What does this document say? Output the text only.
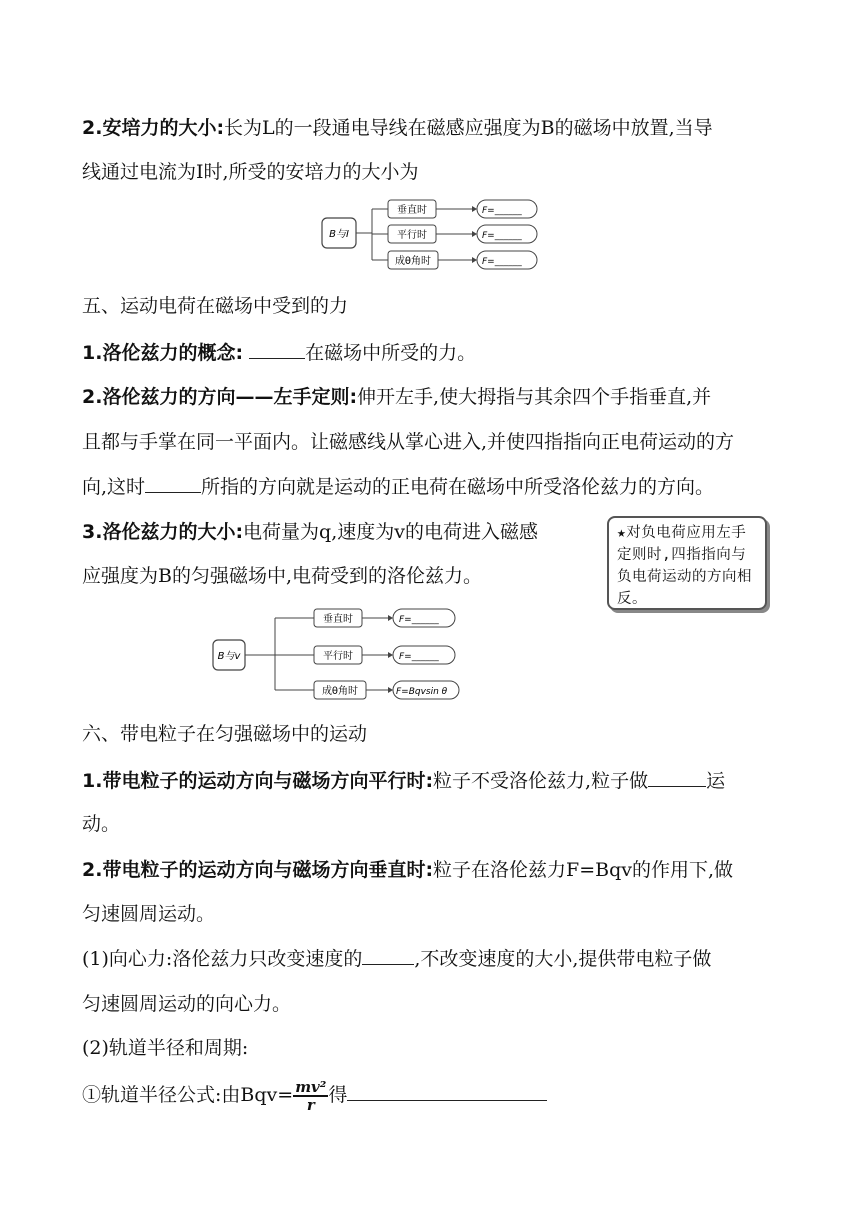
2.安培力的大小:长为L的一段通电导线在磁感应强度为B的磁场中放置,当导
线通过电流为I时,所受的安培力的大小为
B与I
垂直时
平行时
成θ角时
F=______
F=______
F=______
五、运动电荷在磁场中受到的力
1.洛伦兹力的概念:	在磁场中所受的力。
2.洛伦兹力的方向——左手定则:伸开左手,使大拇指与其余四个手指垂直,并
且都与手掌在同一平面内。让磁感线从掌心进入,并使四指指向正电荷运动的方
向,这时	所指的方向就是运动的正电荷在磁场中所受洛伦兹力的方向。
3.洛伦兹力的大小:电荷量为q,速度为v的电荷进入磁感
应强度为B的匀强磁场中,电荷受到的洛伦兹力。
★对负电荷应用左手定则时,四指指向与负电荷运动的方向相反。
B与v
垂直时
平行时
成θ角时
F=______
F=______
F=Bqvsin θ
六、带电粒子在匀强磁场中的运动
1.带电粒子的运动方向与磁场方向平行时:粒子不受洛伦兹力,粒子做	运
动。
2.带电粒子的运动方向与磁场方向垂直时:粒子在洛伦兹力F=Bqv的作用下,做
匀速圆周运动。
(1)向心力:洛伦兹力只改变速度的	,不改变速度的大小,提供带电粒子做
匀速圆周运动的向心力。
(2)轨道半径和周期:
①轨道半径公式:由$Bqv= \frac{\text{mv²}}{r}$ 得
